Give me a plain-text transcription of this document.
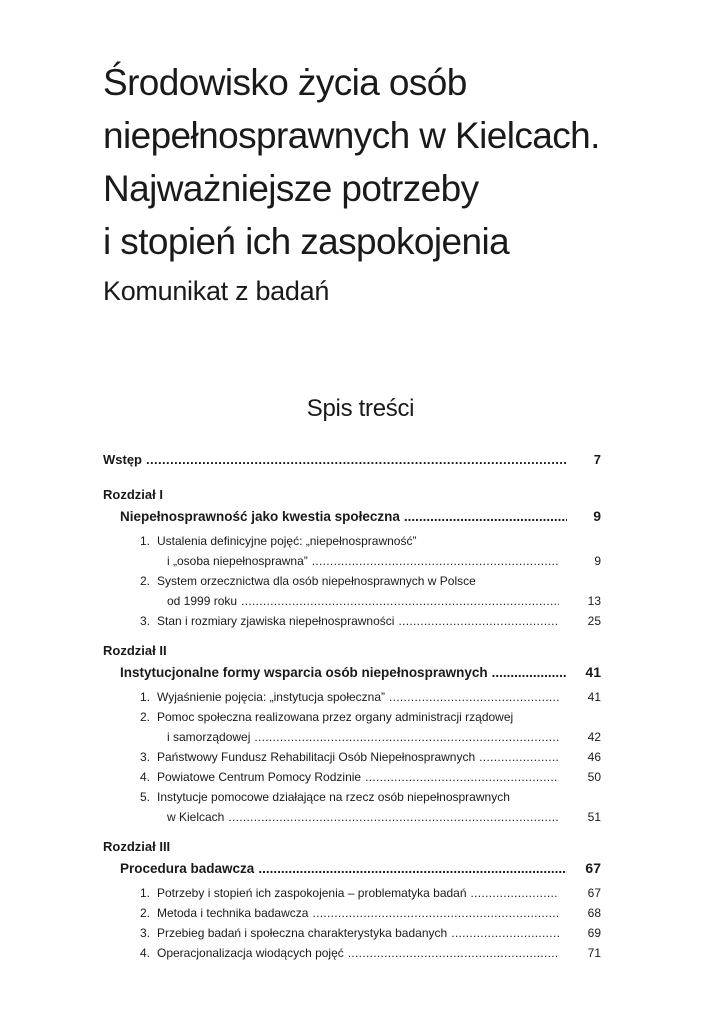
Środowisko życia osób
niepełnosprawnych w Kielcach.
Najważniejsze potrzeby
i stopień ich zaspokojenia
Komunikat z badań
Spis treści
Wstęp .....	7
Rozdział I
Niepełnosprawność jako kwestia społeczna .....	9
1. Ustalenia definicyjne pojęć: „niepełnosprawność”
i „osoba niepełnosprawna” .....	9
2. System orzecznictwa dla osób niepełnosprawnych w Polsce
od 1999 roku .....	13
3. Stan i rozmiary zjawiska niepełnosprawności .....	25
Rozdział II
Instytucjonalne formy wsparcia osób niepełnosprawnych .....	41
1. Wyjaśnienie pojęcia: „instytucja społeczna” .....	41
2. Pomoc społeczna realizowana przez organy administracji rządowej
i samorządowej .....	42
3. Państwowy Fundusz Rehabilitacji Osób Niepełnosprawnych .....	46
4. Powiatowe Centrum Pomocy Rodzinie .....	50
5. Instytucje pomocowe działające na rzecz osób niepełnosprawnych
w Kielcach .....	51
Rozdział III
Procedura badawcza .....	67
1. Potrzeby i stopień ich zaspokojenia – problematyka badań .....	67
2. Metoda i technika badawcza .....	68
3. Przebieg badań i społeczna charakterystyka badanych .....	69
4. Operacjonalizacja wiodących pojęć .....	71
